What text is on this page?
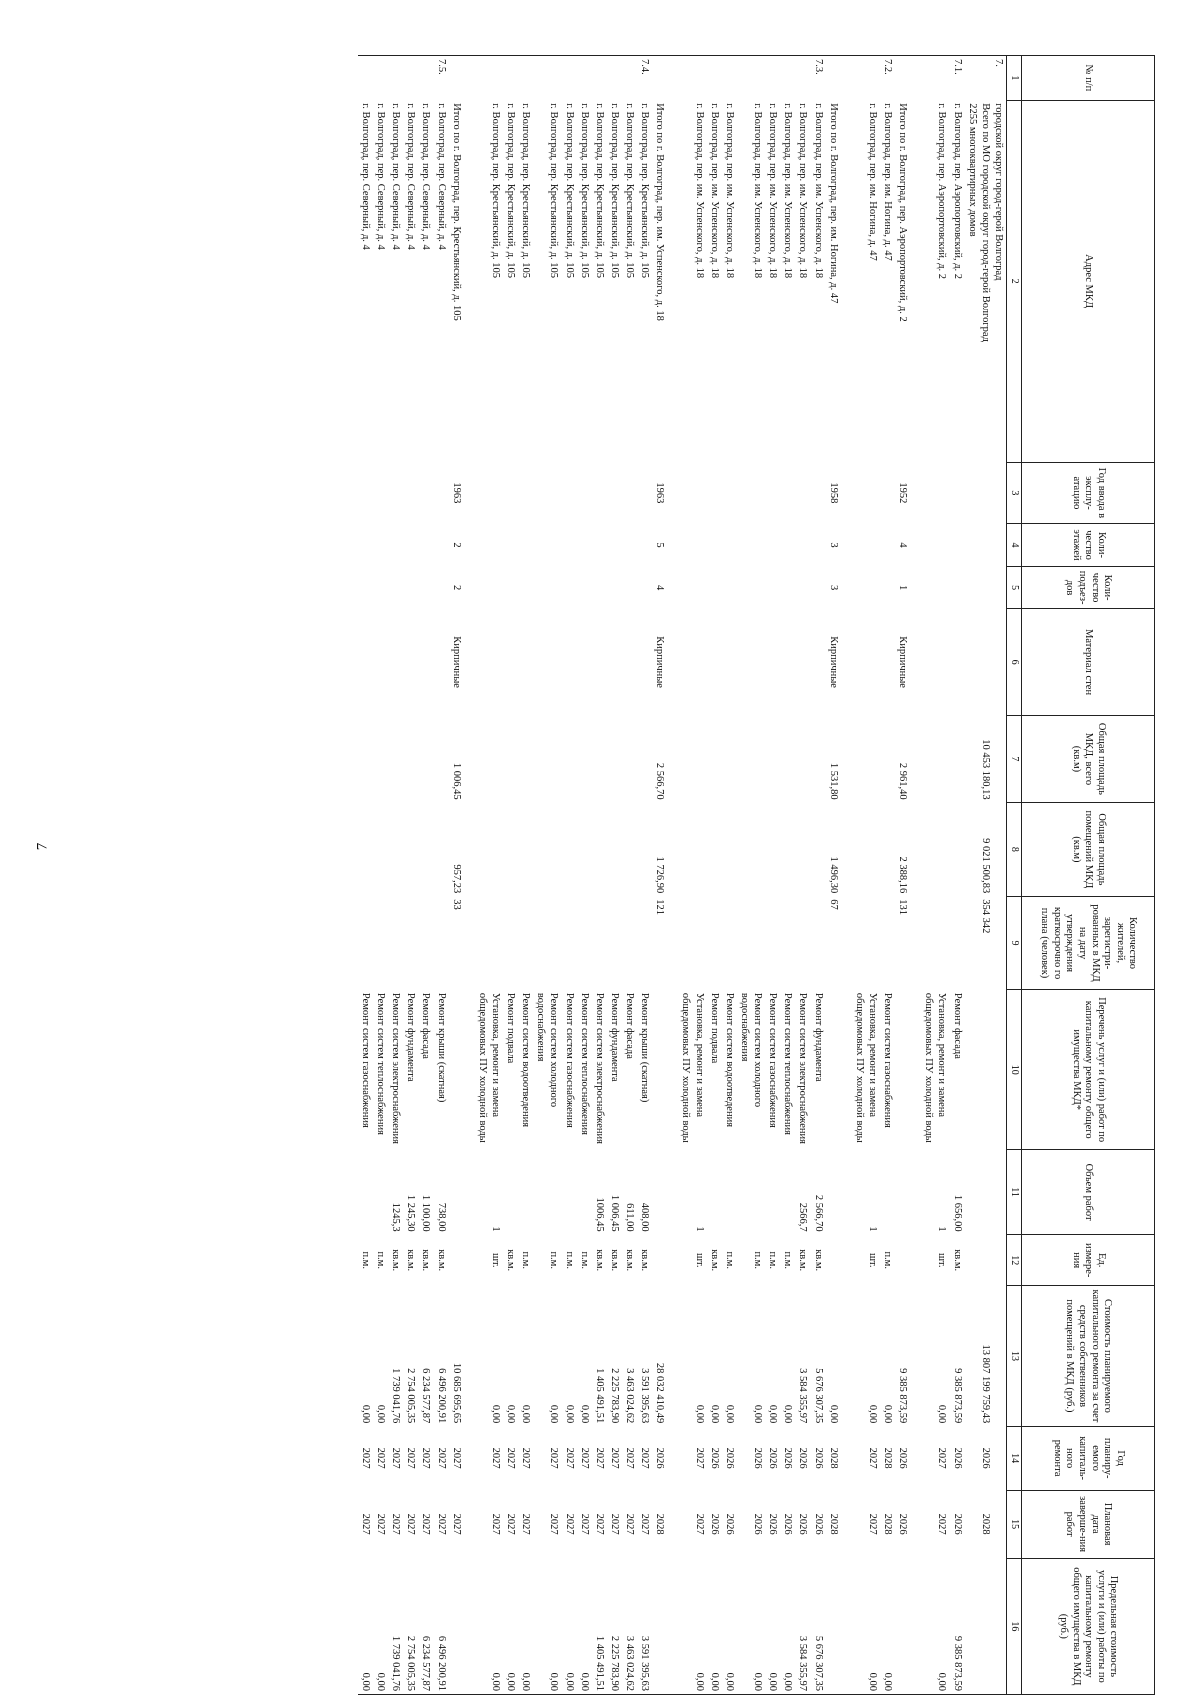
7
№ п/п	Адрес МКД	Год ввода в эксплу-атацию	Коли-чество этажей	Коли-чество подъез-дов	Материал стен	Общая площадь МКД, всего (кв.м)	Общая площадь помещений МКД (кв.м)	Количество жителей, зарегистри-рованных в МКД на дату утверждения краткосрочно го плана (человек)	Перечень услуг и (или) работ по капитальному ремонту общего имущества МКД*	Объем работ	Ед. измере-ния	Стоимость планируемого капитального ремонта за счет средств собственников помещений в МКД (руб.)	Год планиру-емого капиталь-ного ремонта	Плановая дата заверше-ния работ	Предельная стоимость услуги и (или) работы по капитальному ремонту общего имущества в МКД (руб.)
1	2	3	4	5	6	7	8	9	10	11	12	13	14	15	16
7.	городской округ город-герой Волгоград
Всего по МО городской округ город-герой Волгоград
2255 многоквартирных домов					10 453 180,13	9 021 500,83	354 342				13 807 199 759,43	2026	2028	
7.1.	г. Волгоград, пер. Аэропортовский, д. 2								Ремонт фасада	1 656,00	кв.м.	9 385 873,59	2026	2026	9 385 873,59
	г. Волгоград, пер. Аэропортовский, д. 2								Установка, ремонт и замена общедомовых ПУ холодной воды	1	шт.	0,00	2027	2027	0,00

	Итого по г. Волгоград, пер. Аэропортовский, д. 2	1952	4	1	Кирпичные	2 961,40	2 388,16	131				9 385 873,59	2026	2026	
7.2.	г. Волгоград, пер. им. Ногина, д. 47								Ремонт систем газоснабжения		п.м.	0,00	2028	2028	0,00
	г. Волгоград, пер. им. Ногина, д. 47								Установка, ремонт и замена общедомовых ПУ холодной воды	1	шт.	0,00	2027	2027	0,00

	Итого по г. Волгоград, пер. им. Ногина, д. 47	1958	3	3	Кирпичные	1 531,80	1 496,30	67				0,00	2028	2028	
7.3.	г. Волгоград, пер. им. Успенского, д. 18								Ремонт фундамента	2 566,70	кв.м.	5 676 307,35	2026	2026	5 676 307,35
	г. Волгоград, пер. им. Успенского, д. 18								Ремонт систем электроснабжения	2566,7	кв.м.	3 584 355,97	2026	2026	3 584 355,97
	г. Волгоград, пер. им. Успенского, д. 18								Ремонт систем теплоснабжения		п.м.	0,00	2026	2026	0,00
	г. Волгоград, пер. им. Успенского, д. 18								Ремонт систем газоснабжения		п.м.	0,00	2026	2026	0,00
	г. Волгоград, пер. им. Успенского, д. 18								Ремонт систем холодного водоснабжения		п.м.	0,00	2026	2026	0,00
	г. Волгоград, пер. им. Успенского, д. 18								Ремонт систем водоотведения		п.м.	0,00	2026	2026	0,00
	г. Волгоград, пер. им. Успенского, д. 18								Ремонт подвала		кв.м.	0,00	2026	2026	0,00
	г. Волгоград, пер. им. Успенского, д. 18								Установка, ремонт и замена общедомовых ПУ холодной воды	1	шт.	0,00	2027	2027	0,00

	Итого по г. Волгоград, пер. им. Успенского, д. 18	1963	5	4	Кирпичные	2 566,70	1 726,90	121				28 032 410,49	2026	2028	
7.4.	г. Волгоград, пер. Крестьянский, д. 105								Ремонт крыши (скатная)	408,00	кв.м.	3 591 395,63	2027	2027	3 591 395,63
	г. Волгоград, пер. Крестьянский, д. 105								Ремонт фасада	611,00	кв.м.	3 463 024,62	2027	2027	3 463 024,62
	г. Волгоград, пер. Крестьянский, д. 105								Ремонт фундамента	1 006,45	кв.м.	2 225 783,90	2027	2027	2 225 783,90
	г. Волгоград, пер. Крестьянский, д. 105								Ремонт систем электроснабжения	1006,45	кв.м.	1 405 491,51	2027	2027	1 405 491,51
	г. Волгоград, пер. Крестьянский, д. 105								Ремонт систем теплоснабжения		п.м.	0,00	2027	2027	0,00
	г. Волгоград, пер. Крестьянский, д. 105								Ремонт систем газоснабжения		п.м.	0,00	2027	2027	0,00
	г. Волгоград, пер. Крестьянский, д. 105								Ремонт систем холодного водоснабжения		п.м.	0,00	2027	2027	0,00
	г. Волгоград, пер. Крестьянский, д. 105								Ремонт систем водоотведения		п.м.	0,00	2027	2027	0,00
	г. Волгоград, пер. Крестьянский, д. 105								Ремонт подвала		кв.м.	0,00	2027	2027	0,00
	г. Волгоград, пер. Крестьянский, д. 105								Установка, ремонт и замена общедомовых ПУ холодной воды	1	шт.	0,00	2027	2027	0,00

	Итого по г. Волгоград, пер. Крестьянский, д. 105	1963	2	2	Кирпичные	1 006,45	957,23	33				10 685 695,65	2027	2027	
7.5.	г. Волгоград, пер. Северный, д. 4								Ремонт крыши (скатная)	738,00	кв.м.	6 496 200,91	2027	2027	6 496 200,91
	г. Волгоград, пер. Северный, д. 4								Ремонт фасада	1 100,00	кв.м.	6 234 577,87	2027	2027	6 234 577,87
	г. Волгоград, пер. Северный, д. 4								Ремонт фундамента	1 245,30	кв.м.	2 754 005,35	2027	2027	2 754 005,35
	г. Волгоград, пер. Северный, д. 4								Ремонт систем электроснабжения	1245,3	кв.м.	1 739 041,76	2027	2027	1 739 041,76
	г. Волгоград, пер. Северный, д. 4								Ремонт систем теплоснабжения		п.м.	0,00	2027	2027	0,00
	г. Волгоград, пер. Северный, д. 4								Ремонт систем газоснабжения		п.м.	0,00	2027	2027	0,00
